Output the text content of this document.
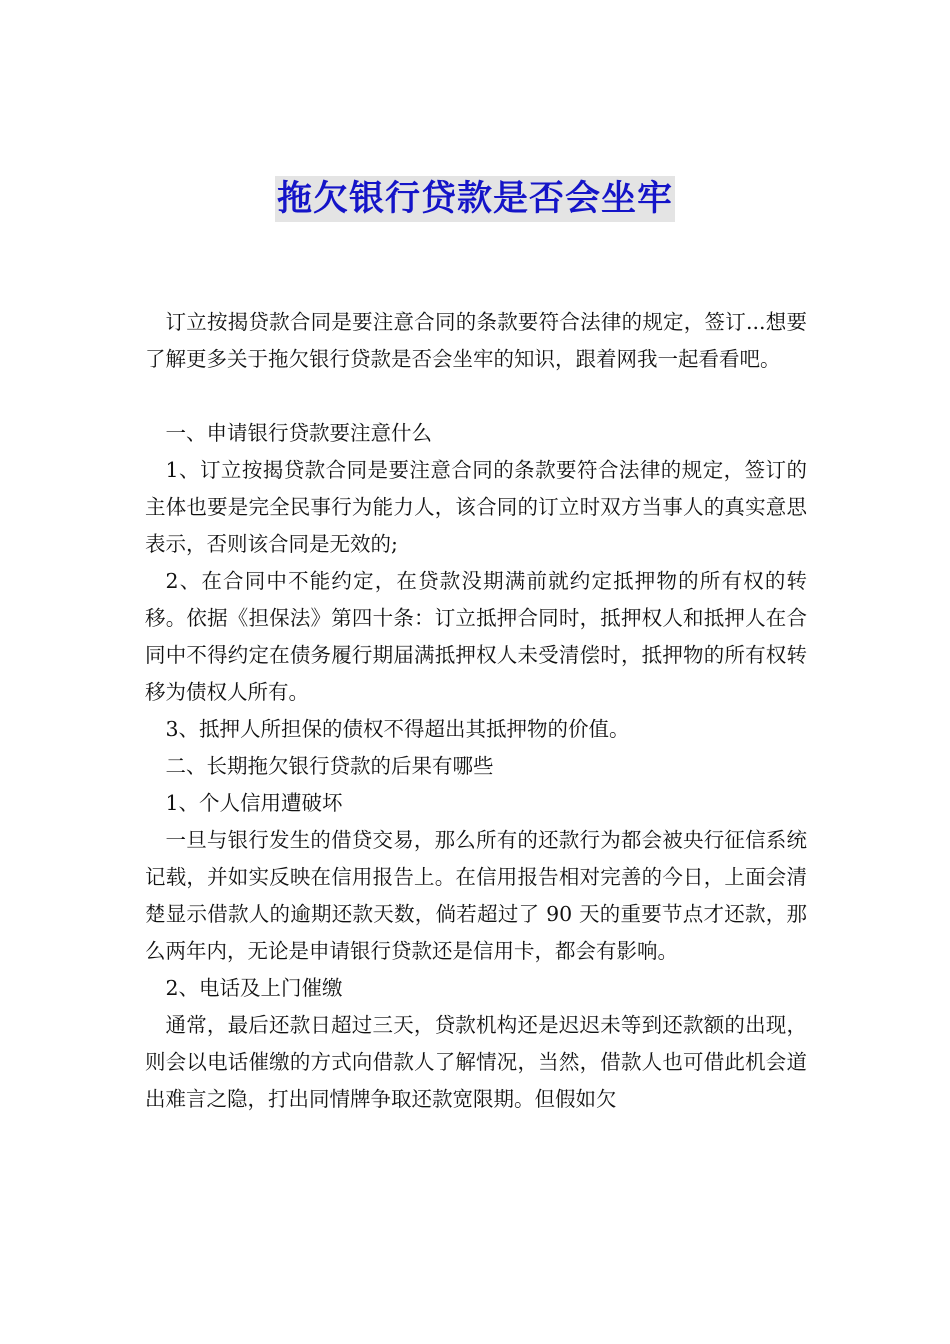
拖欠银行贷款是否会坐牢

订立按揭贷款合同是要注意合同的条款要符合法律的规定，签订...想要了解更多关于拖欠银行贷款是否会坐牢的知识，跟着网我一起看看吧。

一、申请银行贷款要注意什么

1、订立按揭贷款合同是要注意合同的条款要符合法律的规定，签订的主体也要是完全民事行为能力人，该合同的订立时双方当事人的真实意思表示，否则该合同是无效的;

2、在合同中不能约定，在贷款没期满前就约定抵押物的所有权的转移。依据《担保法》第四十条：订立抵押合同时，抵押权人和抵押人在合同中不得约定在债务履行期届满抵押权人未受清偿时，抵押物的所有权转移为债权人所有。

3、抵押人所担保的债权不得超出其抵押物的价值。

二、长期拖欠银行贷款的后果有哪些

1、个人信用遭破坏

一旦与银行发生的借贷交易，那么所有的还款行为都会被央行征信系统记载，并如实反映在信用报告上。在信用报告相对完善的今日，上面会清楚显示借款人的逾期还款天数，倘若超过了 90 天的重要节点才还款，那么两年内，无论是申请银行贷款还是信用卡，都会有影响。

2、电话及上门催缴

通常，最后还款日超过三天，贷款机构还是迟迟未等到还款额的出现，则会以电话催缴的方式向借款人了解情况，当然，借款人也可借此机会道出难言之隐，打出同情牌争取还款宽限期。但假如欠
